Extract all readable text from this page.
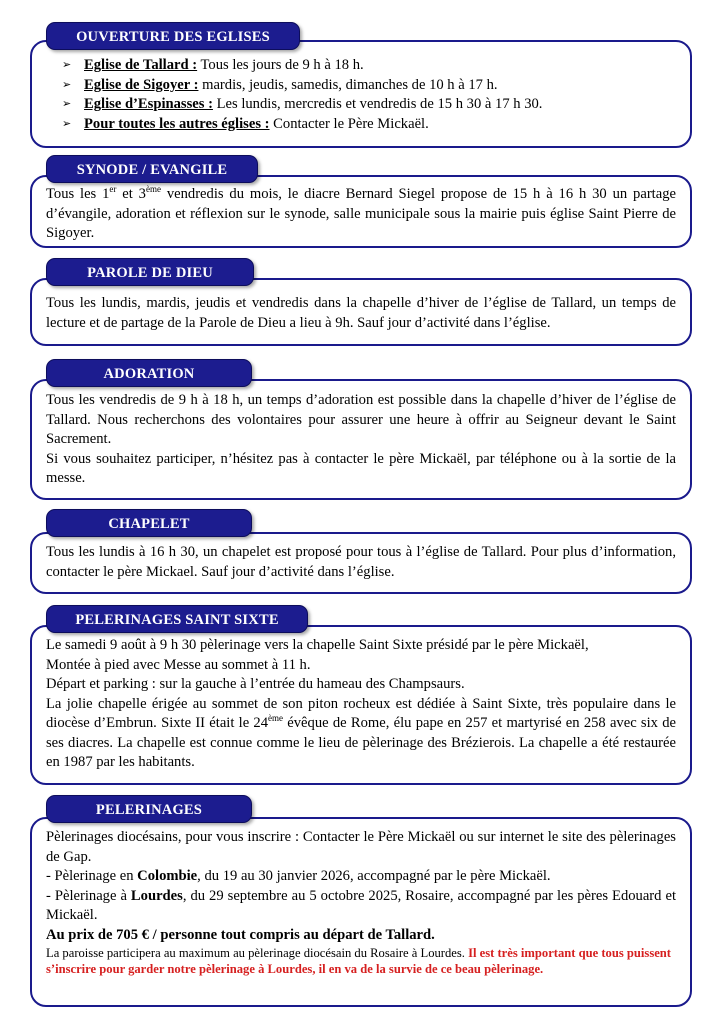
OUVERTURE DES EGLISES
➢ Eglise de Tallard : Tous les jours de 9 h à 18 h.
➢ Eglise de Sigoyer : mardis, jeudis, samedis, dimanches de 10 h à 17 h.
➢ Eglise d’Espinasses : Les lundis, mercredis et vendredis de 15 h 30 à 17 h 30.
➢ Pour toutes les autres églises : Contacter le Père Mickaël.
SYNODE / EVANGILE

Tous les 1er et 3ème vendredis du mois, le diacre Bernard Siegel propose de 15 h à 16 h 30 un partage d’évangile, adoration et réflexion sur le synode, salle municipale sous la mairie puis église Saint Pierre de Sigoyer.

PAROLE DE DIEU

Tous les lundis, mardis, jeudis et vendredis dans la chapelle d’hiver de l’église de Tallard, un temps de lecture et de partage de la Parole de Dieu a lieu à 9h. Sauf jour d’activité dans l’église.

ADORATION

Tous les vendredis de 9 h à 18 h, un temps d’adoration est possible dans la chapelle d’hiver de l’église de Tallard. Nous recherchons des volontaires pour assurer une heure à offrir au Seigneur devant le Saint Sacrement.

Si vous souhaitez participer, n’hésitez pas à contacter le père Mickaël, par téléphone ou à la sortie de la messe.

CHAPELET

Tous les lundis à 16 h 30, un chapelet est proposé pour tous à l’église de Tallard. Pour plus d’information, contacter le père Mickael. Sauf jour d’activité dans l’église.

PELERINAGES SAINT SIXTE

Le samedi 9 août à 9 h 30 pèlerinage vers la chapelle Saint Sixte présidé par le père Mickaël,

Montée à pied avec Messe au sommet à 11 h.

Départ et parking : sur la gauche à l’entrée du hameau des Champsaurs.

La jolie chapelle érigée au sommet de son piton rocheux est dédiée à Saint Sixte, très populaire dans le diocèse d’Embrun. Sixte II était le 24ème évêque de Rome, élu pape en 257 et martyrisé en 258 avec six de ses diacres. La chapelle est connue comme le lieu de pèlerinage des Brézierois. La chapelle a été restaurée en 1987 par les habitants.

PELERINAGES

Pèlerinages diocésains, pour vous inscrire : Contacter le Père Mickaël ou sur internet le site des pèlerinages de Gap.

- Pèlerinage en Colombie, du 19 au 30 janvier 2026, accompagné par le père Mickaël.

- Pèlerinage à Lourdes, du 29 septembre au 5 octobre 2025, Rosaire, accompagné par les pères Edouard et Mickaël.

Au prix de 705 € / personne tout compris au départ de Tallard.

La paroisse participera au maximum au pèlerinage diocésain du Rosaire à Lourdes. Il est très important que tous puissent s’inscrire pour garder notre pèlerinage à Lourdes, il en va de la survie de ce beau pèlerinage.
